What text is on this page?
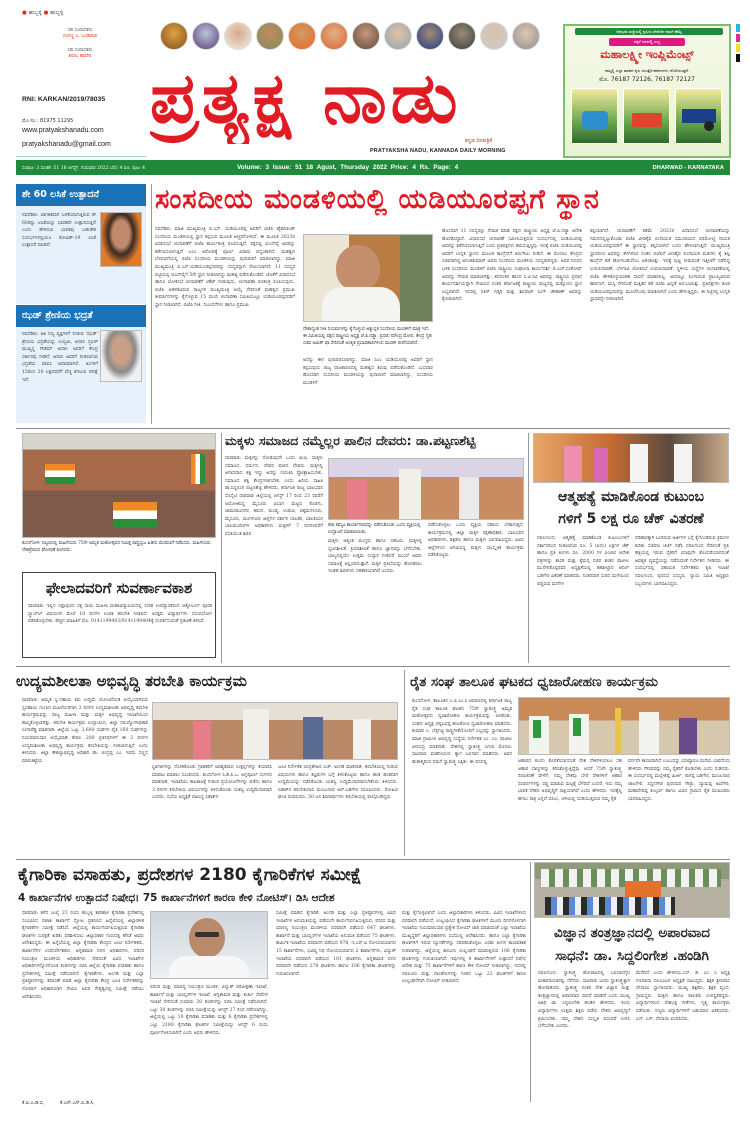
● ಹುಬ್ಬಳ್ಳಿ ● ಹುಬ್ಬಳ್ಳಿ
ಸಹ ಸಂಪಾದಕರು
ಗಂಗಣ್ಣ ಎ. ಬಂಡಿವಾಡ
ಸಹ ಸಂಪಾದಕರು
ಶರಣು ಹಾವೇರಿ
RNI: KARKAN/2019/78035
ಮೊ.ಸಂ.: 81975 11295
www.pratyakshanadu.com
pratyakshanadu@gmail.com
ಪ್ರತ್ಯಕ್ಷ ನಾಡು
ಕನ್ನಡ ದಿನಪತ್ರಿಕೆ
PRATYAKSHA NADU, KANNADA DAILY MORNING
ಅನುಭವ ಸಂಸ್ಥೆಯಲ್ಲಿ ಕೃಷಿಯ ಸೇವೆಯೇ ನಮಗೆ ಹೆಮ್ಮೆ
ಸಕ್ಕರೆ ದರದಲ್ಲಿ ಲಭ್ಯ
ಮಹಾಲಕ್ಷ್ಮೀ ಇಂಪ್ಲಿಮೆಂಟ್ಸ್
ನಮ್ಮಲ್ಲಿ ಎಲ್ಲಾ ತರಹದ ಕೃಷಿ ಯಂತ್ರೋಪಕರಣಗಳು ದೊರೆಯುತ್ತವೆ.
ಮೊ. 76187 72126, 76187 72127
ಸಂಪುಟ: 3 ಸಂಚಿಕೆ: 51 18 ಆಗಸ್ಟ್, ಗುರುವಾರ 2022 ಬೆಲೆ: 4 ರೂ. ಪುಟ: 4	Volume: 3 Issue: 51 18 Agust, Thursday 2022 Price: 4 Rs. Page: 4	DHARWAD - KARNATAKA
ಶೇ 60 ಲಸಿಕೆ ಉತ್ಪಾದನೆ
ನವದೆಹಲಿ: ಜಾಗತಿಕವಾಗಿ ಬಳಕೆಯಾಗುತ್ತಿರುವ ಶೇ 60ರಷ್ಟು ಲಸಿಕೆಯನ್ನು ಭಾರತವೇ ಉತ್ಪಾದಿಸುತ್ತಿದೆ ಎಂದು ಹೇಳಿರುವ ಭಾರತವು ಬಹುತೇಕ ಸಂದರ್ಭಗಳಲ್ಲಿಯೂ ಕೋವಿಡ್-19 ಲಸಿಕೆ ಉತ್ಪಾದನೆ ಮಾಡಿದೆ.
ಝಡ್ ಶ್ರೇಣಿಯ ಭದ್ರತೆ
ನವದೆಹಲಿ: ಅತಿ ಗಣ್ಯ ವ್ಯಕ್ತಿಗಳಿಗೆ ನೀಡುವ 'ಝಡ್' ಶ್ರೇಣಿಯ ಭದ್ರತೆಯನ್ನು ಉದ್ಯಮಿ, ಅದಾನಿ ಗ್ರೂಪ್ ಮುಖ್ಯಸ್ಥ ಗೌತಮ್ ಅದಾನಿ ಅವರಿಗೆ ಕೇಂದ್ರ ಸರ್ಕಾರವು ನೀಡಿದೆ. ಅದಾನಿ ಅವರಿಗೆ ನೀಡಲಾಗುವ ಭದ್ರತೆಯ ವಾಪಸಿ ಆಧಾರವಾಗಿದೆ. ತಿಂಗಳಿಗೆ 15ರಿಂದ 20 ಲಕ್ಷದವರೆಗೆ ವೆಚ್ಚ ತಗಲುವ ನಿರೀಕ್ಷೆ ಇದೆ.
ಸಂಸದೀಯ ಮಂಡಳಿಯಲ್ಲಿ ಯಡಿಯೂರಪ್ಪಗೆ ಸ್ಥಾನ
ನವದೆಹಲಿ: ಮಾಜಿ ಮುಖ್ಯಮಂತ್ರಿ ಬಿ.ಎಸ್. ಯಡಿಯೂರಪ್ಪ ಅವರಿಗೆ ಬಿಜೆಪಿ ಹೈಕಮಾಂಡ್ ಸಂಸದೀಯ ಮಂಡಳಿಯಲ್ಲಿ ಸ್ಥಾನ ಕಲ್ಪಿಸುವ ಮೂಲಕ ಅಚ್ಚರಿಗೊಳಿಸಿದೆ. ಈ ಮೂಲಕ 2023ರ ವಿಧಾನಸಭೆ ಚುನಾವಣೆಗೆ ಬಿಜೆಪಿ ಕಾರ್ಯತಂತ್ರ ರೂಪಿಸುತ್ತಿದೆ. ಪಕ್ಷದಲ್ಲಿ ಬಿಎಸ್‌ವೈ ಅವರನ್ನು ಕಡೆಗಣಿಸಲಾಗುತ್ತಿದೆ ಎಂಬ ಆರೋಪಕ್ಕೆ ಪೂರ್ಣ ವಿರಾಮ ಬಿದ್ದಂತಾಗಿದೆ. ಮಹತ್ವದ ಬೆಳವಣಿಗೆಯಲ್ಲಿ ಬಿಜೆಪಿ ಸಂಸದೀಯ ಮಂಡಳಿಯನ್ನು ಪುನಾರಚನೆ ಮಾಡಲಾಗಿದ್ದು, ಮಾಜಿ ಮುಖ್ಯಮಂತ್ರಿ ಬಿ.ಎಸ್.ಯಡಿಯೂರಪ್ಪನವರನ್ನು ಸದಸ್ಯರನ್ನಾಗಿ ನೇಮಿಸಲಾಗಿದೆ. 11 ಸದಸ್ಯರ ಪಟ್ಟಿಯಲ್ಲಿ ಬಿಎಸ್‌ವೈಗೆ 5ನೇ ಸ್ಥಾನ ನೀಡಲಾಗಿದ್ದು ಮಹತ್ವ ಪಡೆದುಕೊಂಡಿದೆ. ಜೊತೆಗೆ ವಿಧಾನಸಭೆ ಹಾಗೂ ಲೋಕಸಭೆ ಚುನಾವಣೆಗೆ ಟಿಕೆಟ್ ನೀಡುವುದು, ಚುನಾವಣಾ ರಣತಂತ್ರ ರೂಪಿಸುವುದು, ಬಿಜೆಪಿ ಆಡಳಿತವಿರುವ ರಾಜ್ಯಗಳ ಮುಖ್ಯಮಂತ್ರಿ ಆಯ್ಕೆ ಸೇರಿದಂತೆ ಮಹತ್ವದ ಪ್ರಮುಖ ತೀರ್ಮಾನಗಳನ್ನು ಕೈಗೊಳ್ಳುವ 15 ಮಂದಿ ಚುನಾವಣಾ ಸಮಿತಿಯಲ್ಲೂ ಯಡಿಯೂರಪ್ಪನವರಿಗೆ ಸ್ಥಾನ ನೀಡಲಾಗಿದೆ. ಬಿಜೆಪಿ ನೀತಿ, ನಿಬಂಧನೆಗಳು ಹಾಗೂ ಪ್ರಮುಖ
ದೇಶಾದ್ಯಂತ ನೀತಿ ನಿಯಮಗಳನ್ನು ಕೈಗೊಳ್ಳುವ ಅತ್ಯುನ್ನತ ಸಂಸದೀಯ ಮಂಡಳಿಗೆ ಮಾತ್ರ ಇದೆ. ಈ ಸಮಿತಿಯಲ್ಲಿ ಪಕ್ಷದ ರಾಷ್ಟ್ರೀಯ ಅಧ್ಯಕ್ಷ ಜೆ.ಪಿ.ನಡ್ಡಾ, ಪ್ರಧಾನಿ ನರೇಂದ್ರ ಮೋದಿ, ಕೇಂದ್ರ ಗೃಹ ಸಚಿವ ಅಮಿತ್ ಷಾ ಸೇರಿದಂತೆ ಅಂತ್ಯತ ಪ್ರಭಾವಶಾಲಿಗಳಿಂದ ಮಂಡಳಿ ರಚನೆಯಾಗಿದೆ.
ಅದನ್ನು ಈಗ ಪುನಾರಚಿಸಲಾಗಿದ್ದು, ಮಾಜಿ ಸಿಎಂ ಯಡಿಯೂರಪ್ಪ ಅವರಿಗೆ ಸ್ಥಾನ ಕಲ್ಪಿಸುವುದು ರಾಜ್ಯ ರಾಜಕಾರಣದಲ್ಲಿ ಮಹತ್ವದ ತಿರುವು ಪಡೆದುಕೊಂಡಿದೆ. ಬುಧವಾರ ಹೊಸದಾಗಿ ಸಂಸದೀಯ ಮಂಡಳಿಯನ್ನು ಪುನಾರಚನೆ ಮಾಡಲಾಗಿದ್ದು, ಸಂಸದೀಯ ಮಂಡಳಿಗೆ
ಹೊಸದಾಗಿ 11 ಸದಸ್ಯರನ್ನು ನೇಮಕ ಮಾಡಿ ಪಕ್ಷದ ರಾಷ್ಟ್ರೀಯ ಅಧ್ಯಕ್ಷ ಜೆ.ಪಿ.ನಡ್ಡಾ ಆದೇಶ ಹೊರಡಿಸಿದ್ದಾರೆ. ವಿಧಾನಸಭೆ ಚುನಾವಣೆ ಸಮೀಪಿಸುತ್ತಿರುವ ಸಂದರ್ಭದಲ್ಲಿ ಯಡಿಯೂರಪ್ಪ ಅವರನ್ನು ಕಡೆಗಣಿಸಲಾಗುತ್ತಿದೆ ಎಂದು ಪ್ರತಿಪಕ್ಷಗಳು ಹರುಸುತ್ತಿದ್ದವು. ಇದಕ್ಕೆ ಬಿಜೆಪಿ ಯಡಿಯೂರಪ್ಪ ಅವರಿಗೆ ಉನ್ನತ ಸ್ಥಾನದ ಮೂಲಕ ಕಾಂಗ್ರೆಸ್‌ಗೆ ತಿರುಗೇಟು ನೀಡಿದೆ. ಈ ಮೊದಲು ಕೇಂದ್ರದ ಸಚಿವರಾಗಿದ್ದ ಅನಂತಕುಮಾರ್ ಅವರು ಸಂಸದೀಯ ಮಂಡಳಿಯ ಸದಸ್ಯರಾಗಿದ್ದರು. ಅವರ ನಿಧನದ ಬಳಿಕ ಸಂಸದೀಯ ಮಂಡಳಿಗೆ ಬಿಜೆಪಿ ರಾಷ್ಟ್ರೀಯ ಸಂಘಟನಾ ಕಾರ್ಯದರ್ಶಿ ಬಿ.ಎಲ್.ಸಂತೋಷ್ ಅವರನ್ನು ನೇಮಕ ಮಾಡಲಾಗಿತ್ತು. ತದನಂತರ ಹಾಸನ ಸಿ.ಟಿ.ರವಿ ಅವರನ್ನು ರಾಷ್ಟ್ರೀಯ ಪ್ರಧಾನ ಕಾರ್ಯದರ್ಶಿಯನ್ನಾಗಿ ನೇಮಿಸಿದ ನಂತರ ಕರ್ನಾಟಕಕ್ಕೆ ರಾಷ್ಟ್ರೀಯ ಮಟ್ಟದಲ್ಲಿ ಮತ್ತೊಂದು ಸ್ಥಾನ ಲಭ್ಯವಾಗಿದೆ. ಇದರಲ್ಲಿ ನಿತಿನ್ ಗಡ್ಕರಿ ಮತ್ತು ಶಿವರಾಜ್ ಸಿಂಗ್ ಚೌಹಾಣ್ ಅವರನ್ನು ಕೈಬಿಡಲಾಗಿದೆ.
ಕಲ್ಪಿಸಲಾಗಿದೆ. ಚುನಾವಣೆಗೆ ಕಡಿಮೆ 2023ರ ವಿಧಾನಸಭೆ ಚುನಾವಣೆಯನ್ನು ಗಮನದಲ್ಲಿಟ್ಟುಕೊಂಡು ಬಿಜೆಪಿ ವೀರಶೈವ ಲಿಂಗಾಯತ ಸಮುದಾಯದ ಪರಮೋಚ್ಚ ನಾಯಕ ಯಡಿಯೂರಪ್ಪನವರಿಗೆ ಈ ಸ್ಥಾನವನ್ನು ಕಲ್ಪಿಸಲಾಗಿದೆ ಎಂದು ಹೇಳಲಾಗುತ್ತಿದೆ. ಮುಖ್ಯಮಂತ್ರಿ ಸ್ಥಾನದಿಂದ ಅವರನ್ನು ಕೆಳಗಿಳಿಸಿದ ನಂತರ ಬಿಜೆಪಿಗೆ ವೀರಶೈವ ಲಿಂಗಾಯತ ಮತಗಳು ಕೈ ತಪ್ಪಿ ಕಾಂಗ್ರೆಸ್ ಕಡೆ ಹೋಗಬಹುದೆಂಬ ಆತಂಕವಿತ್ತು. ಇದಕ್ಕೆ ಪುಷ್ಟಿ ನೀಡುವಂತೆ ಇತ್ತೀಚೆಗೆ ನಡೆದಿದ್ದ ಉಪಚುನಾವಣೆ, ಬೆಳಗಾವಿ ಲೋಕಸಭೆ ಉಪಚುನಾವಣೆ, ಸ್ಥಳೀಯ ಸಂಸ್ಥೆಗಳ ಚುನಾವಣೆಯಲ್ಲಿ ಬಿಜೆಪಿ ಹೇಳಿಕೊಳ್ಳುವಂತಹ ಸಾಧನೆ ಮಾಡಿರಲಿಲ್ಲ. ಅದರಲ್ಲೂ ಲಿಂಗಾಯತ ಪ್ರಾಬಲ್ಯವಿರುವ ಹಾನಗಲ್, ಮಸ್ಕಿ ಸೇರಿದಂತೆ ಮತ್ತಿತರ ಕಡೆ ಬಿಜೆಪಿ ಹಿನ್ನಡೆ ಅನುಭವಿಸಿತ್ತು. ಪ್ರತಿಪಕ್ಷಗಳು ಕೂಡ ಯಡಿಯೂರಪ್ಪನವರನ್ನು ಮೂಲೆಗುಂಪು ಮಾಡಲಾಗಿದೆ ಎಂದು ಹೇಳುತ್ತಿದ್ದರು. ಈ ನಿಟ್ಟಿನಲ್ಲಿ ಉನ್ನತ ಸ್ಥಾನವನ್ನೇ ನೀಡಲಾಗಿದೆ.
ಕುಂದಗೋಳ: ಪಟ್ಟಣದಲ್ಲಿ ಮಹಿಳೆಯರು 75ನೇ ಅಮೃತ ಮಹೋತ್ಸವದ ನಿಮಿತ್ತ ರಾಷ್ಟ್ರಧ್ವಜ ಹಿಡಿದು ಮೆರವಣಿಗೆ ನಡೆಸಿದರು. ಮಹಿಳೆಯರು ದೇಶಪ್ರೇಮದ ಘೋಷಣೆ ಕೂಗಿದರು.
ಮಕ್ಕಳು ಸಮಾಜದ ನಮ್ಮೆಲ್ಲರ ಪಾಲಿನ ದೇವರು: ಡಾ.ಪಟ್ಟಣಶೆಟ್ಟಿ
ಧಾರವಾಡ: ಮಕ್ಕಳನ್ನು ನೋಡುವುದೇ ಒಂದು ಖುಷಿ. ಮಕ್ಕಳು ಸಮಾಜದ, ಧರ್ಮದ, ದೇವರ ಪಾಲಿನ ದೇವರು. ಮಕ್ಕಳಲ್ಲಿ ಅಗಾಧವಾದ ಶಕ್ತಿ ಇದ್ದು ಅದನ್ನು ಗುರುತಿಸಿ ಪ್ರೋತ್ಸಾಹಿಸಬೇಕು. ಸಮಾಜದ ಶಕ್ತಿ ಕೇಂದ್ರಗಳಾಗಬೇಕು ಎಂದು ಹಿರಿಯ ಸಾಹಿತಿ ಡಾ.ಸಿದ್ದಲಿಂಗ ಪಟ್ಟಣಶೆಟ್ಟಿ ಹೇಳಿದರು. ಕರ್ನಾಟಕ ರಾಜ್ಯ ಬಾಲಭವನ ಸೊಸೈಟಿ ಧಾರವಾಡ ಜಿಲ್ಲೆಯಲ್ಲಿ ಆಗಸ್ಟ್ 17 ರಿಂದ 23 ರವರೆಗೆ ಆಯೋಜಿಸಿದ್ದ ಮೈಸೂರು ವಿಭಾಗ ಮಟ್ಟದ ಕೊಡಗು, ಚಾಮರಾಜನಗರ, ಹಾಸನ, ಮಂಡ್ಯ, ಉಡುಪಿ, ಚಿಕ್ಕಮಗಳೂರು, ಮೈಸೂರು, ಮಂಗಳೂರು ಜಿಲ್ಲೆಗಳ ಸರ್ಕಾರಿ ಬಾಲಕರ, ಬಾಲಕಿಯರ ಬಾಲಮಂದಿರಗಳ ಅಧಿಕಾರಿಗಳು ಮಕ್ಕಳಿಗೆ 7 ದಿನಗಳವರೆಗೆ ವಸತಿಯುತ ಶಿಬಿರ
ಕಥಾ ಕಮ್ಮಟ ಕಾರ್ಯಾಗಾರವನ್ನು ಪಡೆದುಕೊಂಡು ಒಂದು ವ್ಯಕ್ತಿಯಲ್ಲಿ ಉದ್ಘಾಟನೆ ಮಾಡಲಾಯಿತು.
ಮಕ್ಕಳು ಅತ್ಯಂತ ಮುಗ್ಧರು ಹಾಗೂ ಸಹಜರು. ಮಕ್ಕಳಲ್ಲಿ ಸೃಜನಶೀಲತೆ, ಕ್ರಿಯಾಶೀಲತೆ ಹಾಗೂ ಜ್ಞಾನವನ್ನು ಬೆಳೆಸಬೇಕು. ಬಾಲ್ಯದಲ್ಲಿಯೇ ಉತ್ತಮ ಸಂಸ್ಕಾರ ನೀಡಿದರೆ ಮುಂದೆ ಅವರು ಸಮಾಜಕ್ಕೆ ಆಸ್ತಿಯಾಗುತ್ತಾರೆ. ಮಕ್ಕಳ ಪ್ರತಿಭೆಯನ್ನು ಹೊರತರಲು ಇಂತಹ ಶಿಬಿರಗಳು ಸಹಕಾರಿಯಾಗಿವೆ ಎಂದರು.
ಪಡೆದುಕೊಳ್ಳಲು ಒಂದು ವ್ಯಕ್ತಿಯ ಸಹಾಯ ಬೇಕಾಗುತ್ತದೆ. ಕಾರ್ಯಕ್ರಮದಲ್ಲಿ ಜಿಲ್ಲಾ ಮಕ್ಕಳ ರಕ್ಷಣಾಧಿಕಾರಿ, ಬಾಲಭವನ ಅಧಿಕಾರಿಗಳು, ಶಿಕ್ಷಕರು ಹಾಗೂ ಮಕ್ಕಳು ಭಾಗವಹಿಸಿದ್ದರು. ವಿವಿಧ ಜಿಲ್ಲೆಗಳಿಂದ ಆಗಮಿಸಿದ್ದ ಮಕ್ಕಳು ಸಾಂಸ್ಕೃತಿಕ ಕಾರ್ಯಕ್ರಮ ನಡೆಸಿಕೊಟ್ಟರು.
ಆತ್ಮಹತ್ಯೆ ಮಾಡಿಕೊಂಡ ಕುಟುಂಬ
ಗಳಿಗೆ 5 ಲಕ್ಷ ರೂ ಚೆಕ್ ವಿತರಣೆ
ನವಲಗುಂದ: ಆತ್ಮಹತ್ಯೆ ಮಾಡಿಕೊಂಡ ಕುಟುಂಬಗಳಿಗೆ ಸರ್ಕಾರದಿಂದ ನೀಡಲಾಗುವ ರೂ. 5 (ಐದು) ಲಕ್ಷಗಳ ಚೆಕ್ ಹಾಗೂ ಪ್ರತಿ ತಿಂಗಳು ರೂ. 2000 ಗಳ ಪಿಂಚಣಿ ಆದೇಶ ಪತ್ರಗಳನ್ನು ಶಾಸಕ ಮತ್ತು ಕೈಮಗ್ಗ ಸಚಿವ ಶಂಕರ ಪಾಟೀಲ ಮುನೇನಕೊಪ್ಪರವರ ಅಧ್ಯಕ್ಷತೆಯಲ್ಲಿ ತಹಶೀಲ್ದಾರ ಅನಿಲ್ ಬಡಿಗೇರ ವಿತರಣೆ ಮಾಡಿದರು. ನಿಂತರವಾಗಿ ಸುರಿದ ಮಳೆಯಿಂದ ಬಿದ್ದಿರುವ ಮನೆಗಳ
ಪರಿಹಾರಕ್ಕಾಗಿ ಬಂದಿರುವ ಅರ್ಜಿಗಳ ಬಗ್ಗೆ ಕೈಗೊಂಡಿರುವ ಕ್ರಮಗಳ ಕುರಿತು ಸಚಿವರು ಚರ್ಚೆ ನಡೆಸಿ ನವಲಗುಂದ ಸೇರಿದಂತೆ ಪ್ರತಿ ಹಳ್ಳಿಯಲ್ಲಿ ಇರುವ ರೈತರಿಗೆ ಯಾವುದೇ ತೊಂದರೆಯಾಗದಂತೆ ಅವಶ್ಯಕ ವ್ಯವಸ್ಥೆಯನ್ನು ನಡೆಸುವಂತೆ ನಿರ್ದೇಶನ ನೀಡಿದರು. ಈ ಸಂದರ್ಭದಲ್ಲಿ ಸಹಾಯಕ ನಿರ್ದೇಶಕರು ಕೃಷಿ ಇಲಾಖೆ ನವಲಗುಂದ, ಪುರಸಭೆ ಸದಸ್ಯರು, ನ್ಯಾಯ ಸಮಿತಿ ಅಧ್ಯಕ್ಷರು ಸಿಬ್ಬಂದಿಗಳು ಭಾಗವಹಿಸಿದ್ದರು.
ಫೇಲಾದವರಿಗೆ ಸುವರ್ಣಾವಕಾಶ
ಧಾರವಾಡ: ಇಲ್ಲಿನ ಸಪ್ತಾಪುರದ ಸಕ್ಕ ಸಾಯಿ ಮಹಿಳಾ ಮಹಾವಿದ್ಯಾಲಯದಲ್ಲಿ ನುರಿತ ಉಪನ್ಯಾಸಕರಿಂದ ಆಕ್ಟೋಬರ್ನ ಪೂರಕ ಸ್ಟ್ಯಾಬ್‌ಲ್ ವಿಷಯಗಳ ಮೇಲೆ 10 ದಿನಗಳ ಉಚಿತ ತರಬೇತಿ ನೀಡಲಿದೆ. ಆಸಕ್ತರು ವಿದ್ಯಾರ್ಥಿಗಳು ಸದುಪಯೋಗ ಪಡಿಸಿಕೊಳ್ಳಬೇಕು. ಹೆಚ್ಚಿನ ಮಾಹಿತಿಗೆ ಮೊ. 9141199403/9141199404ಕ್ಕೆ ಸಂಪರ್ಕಿಸುವಂತೆ ಪ್ರಕಟಣೆ ತಿಳಿಸಿದೆ.
ಉದ್ಯಮಶೀಲತಾ ಅಭಿವೃದ್ಧಿ ತರಬೇತಿ ಕಾರ್ಯಕ್ರಮ
ಧಾರವಾಡ: ಅಮೃತ ಸ್ವ-ಸಹಾಯ ಕಿರು ಉದ್ದಿಮೆ ಯೋಜನೆಯಡಿ ಆಯ್ಕೆಯಾಗಿರುವ ಸ್ವಸಹಾಯ ಗುಂಪಿನ ಮಹಿಳೆಯರಿಗಾಗಿ 3 ದಿನಗಳ ಉದ್ಯಮಶೀಲತಾ ಅಭಿವೃದ್ಧಿ ತರಬೇತಿ ಕಾರ್ಯಕ್ರಮವನ್ನು ರಾಜ್ಯ ಮಹಿಳಾ ಮತ್ತು ಮಕ್ಕಳ ಅಭಿವೃದ್ಧಿ ಇಲಾಖೆಯಿಂದ ಹಮ್ಮಿಕೊಳ್ಳಲಾಗಿತ್ತು. ತರಬೇತಿ ಕಾರ್ಯಕ್ರಮ ಉದ್ಘಾಟಿಸಿದ, ಜಿಲ್ಲಾ ನಿರುದ್ಯೋಗಾಧಿಕಾರಿ ಸಿಂಗಾರೆಡ್ಡಿ ಮಾತನಾಡಿ, ಜಿಲ್ಲೆಯ ಒಟ್ಟು 3,600 ಸಂಘಗಳ ಪೈಕಿ 160 ಸಂಘಗಳನ್ನು ನಿಯಮಾನುಸಾರ ಆಯ್ಕೆಮಾಡಿ ಕೇವಲ 200 ಪ್ರತಿನಿಧಿಗಳಿಗೆ ಈ 3 ದಿನಗಳ ಉದ್ಯಮಶೀಲತಾ ಅಭಿವೃದ್ಧಿ ಕಾರ್ಯಕ್ರಮ ತರಬೇತಿಯನ್ನು ನೀಡಲಾಗುತ್ತಿದೆ ಎಂದು ತಿಳಿಸಿದರು. ಜಿಲ್ಲಾ ಕೌಶಲ್ಯಾಭಿವೃದ್ಧಿ ಅಧಿಕಾರಿ ಡಾ. ಚಂದ್ರಪ್ಪ ಎಂ. ಇವರು ಸಣ್ಣದ ಮಾರುಕಟ್ಟೆಯ
ಸ್ಥಿತಿಗತಿಗಳನ್ನು ನೋಡಿಕೊಂಡು ಗ್ರಾಹಕರಿಗೆ ಅವಶ್ಯಕವಾದ ಉತ್ಪನ್ನಗಳನ್ನು ತಯಾರಿಸಿ ಮಾರಾಟ ಮಾಡಲು ಸೂಚಿಸಿದರು. ಕುಂದಗೋಳ ಸಿ.ಡಿ.ಪಿ.ಒ. ಅನ್ನಪೂರ್ಣ ಸಂಗಳದ ಮಾತನಾಡಿ, ಇಲಾಖೆಯು ಕಾಲಕಾಲಕ್ಕೆ ನೀಡುವ ಪ್ರಯೋಜನೆಗಳನ್ನು ಪಡೆದು ಹಾಗೂ 3 ದಿನಗಳ ತರಬೇತಿಯ ವಿಷಯಗಳನ್ನು ತಿಳಿದುಕೊಂಡು ಯಶಸ್ವಿ ಉದ್ದಿಮೆದಾರರಾಗಿ ಎಂದರು. ಸಭೆಯ ಅಧ್ಯಕ್ಷತೆ ವಹಿಸಿದ್ದ ಸಿಡಾಕ್‌ನ
ಜಂಟಿ ನಿರ್ದೇಶಕ ಚಂದ್ರಶೇಖರ ಎಚ್. ಅಂಗಡಿ ಮಾತನಾಡಿ, ತರಬೇತಿಯಲ್ಲಿ ನೀಡುವ ವಿಷಯಗಳು ಹಾಗೂ ತಜ್ಞರುಗಳ ಬಗ್ಗೆ ತಿಳಿಸಿಕೊಟ್ಟರು ಹಾಗೂ ಹಂತ ಹಂತವಾಗಿ ಉದ್ದಿಮೆಯನ್ನು ನಡೆಸಿಕೊಂಡು ಯಶಸ್ವಿ ಉದ್ದಿಮೆದಾರರಾಗಬೇಕೆಂದು ತಿಳಿಸಿದರು. ಸಿಡಾಕ್‌ನ ತರಬೇತುದಾರ ಮಂಜುನಾಥ ಅರ್.ಬಡಿಗೇರ ನಿರೂಪಿಸಿದರು. ರೋಹಿಣಿ ಘಂಟಿ ವಂದಿಸಿದರು. 50 ಜನ ಶಿಬಿರಾರ್ಥಿಗಳು ತರಬೇತಿಯಲ್ಲಿ ಪಾಲ್ಗೊಂಡಿದ್ದರು.
ರೈತ ಸಂಘ ತಾಲೂಕ ಘಟಕದ ಧ್ವಜಾರೋಹಣ ಕಾರ್ಯಕ್ರಮ
ಕುಂದಗೋಳ: ತಾಲೂಕಿನ ಎ.ಪಿ.ಎಂ.ಸಿ ಆವರಣದಲ್ಲಿ ಕರ್ನಾಟಕ ರಾಜ್ಯ ರೈತ ಸಂಘ ತಾಲೂಕ ಘಟಕದ 75ನೇ ಸ್ವಾತಂತ್ರ್ಯ ಅಮೃತ ಮಹೋತ್ಸವದ ಧ್ವಜಾರೋಹಣ ಕಾರ್ಯಕ್ರಮವನ್ನು ಆಚರಿಸಿತು. ಸಂಘದ ಅಧ್ಯಕ್ಷ ಚನ್ನಬಸಪ್ಪ ಹುಲಕೋಟಿ ಧ್ವಜಾರೋಹಣ ಮಾಡಿದರು. ಕುಮಾರಿ ಎ. ಬೆಳ್ಳಿಗಟ್ಟಿ ರಾಷ್ಟ್ರಗೀತೆಯೊಂದಿಗೆ ಎಲ್ಲರನ್ನು ಸ್ವಾಗತಿಸಿದರು. ಮಾಜಿ ಗ್ರಾಮೀಣ ಅಭಿವೃದ್ಧಿ ಸಂಸ್ಥೆಯ ನಿರ್ದೇಶಕ ಎಂ. ಎಂ. ಪಾಟೀಲ ವೀರಭದ್ರ ಮಾತನಾಡಿ, ದೇಶದಲ್ಲಿ ಸ್ವಾತಂತ್ರ್ಯ ಸಿಗುವ ಮೊದಲು ಸಾವಿರಾರು ಮಹನೀಯರು ತ್ಯಾಗ ಬಲಿದಾನ ಮಾಡಿದರು. ಅವರ ಹುತಾತ್ಮರಿಂದ ನಮಗೆ ಸ್ವಾತಂತ್ರ್ಯ ಸಿಕ್ಕಿತು. ಈ ದಿನದಲ್ಲಿ	ಆಹಾರದ ಕುಂದು ಕೊರತೆಯಾಗದಂತೆ ದೇಶ ದೇಶಗಳಿಂದಲೂ ಸಹ ಆಹಾರ ಧಾನ್ಯಗಳನ್ನು ತರಿಸಿಕೊಳ್ಳುತ್ತಿದ್ದೆವು. ಆದರೆ 75ನೇ ಸ್ವಾತಂತ್ರ್ಯ ದಿನಾಚರಣೆ ವೇಳೆಗೆ, ನಮ್ಮ ದೇಶವು ಬೇರೆ ದೇಶಗಳಿಗೆ ಆಹಾರ ಪದಾರ್ಥಗಳನ್ನು ರಫ್ತು ಮಾಡುವ ಮಟ್ಟಕ್ಕೆ ಬೆಳೆದಿದೆ ಎಂದರೆ, ಇದು ನಮ್ಮ ಭಾರತ ದೇಶದ ಅಭಿವೃದ್ಧಿಗೆ ಸಾಕ್ಷಿಯಾಗಿದೆ ಎಂದು ಹೇಳಿದರು. ಇದಕ್ಕೆಲ್ಲ ಹಗಲು ರಾತ್ರಿ ಎನ್ನದೆ ಬಿಸಿಲು, ಚಳಿಯಲ್ಲಿ ದುಡಿಯುತ್ತಿರುವ ನಮ್ಮ ರೈತ
ವರ್ಗವೇ ಕಾರಣವಾಗಿದೆ ಎಂಬುದನ್ನು ಯಾವ್ಯಾರೂ ಮರೆಯ ಬಾರದೆಂದು ಹೇಳಿದರು ಗೌರವವನ್ನು ನಮ್ಮ ರೈತರಿಗೆ ಕೊಡಬೇಕು ಎಂದು ನುಡಿದರು. ಈ ಸಂದರ್ಭದಲ್ಲಿ ಮಲ್ಲೇಶಪ್ಪ ಮಿರ್ಜಿ, ನಾಗಪ್ಪ ಬಡಿಗೇರ, ಮಂಜುನಾಥ ಜಾಲಗೇರಿ, ಸಿದ್ದನಗೌಡ ಪುರದವರ ಗೌಡ್ರು, ದ್ಯಾಮಪ್ಪ ಅಣಿಗೇರಿ, ಮಹಾದೇವಪ್ಪ ಕುಲ್ಕರ್ಣಿ ಹಾಗೂ ವಿವಿಧ ಗ್ರಾಮದ ರೈತ ಮುಖಂಡರು ಭಾಗವಹಿಸಿದ್ದರು.
ಕೈಗಾರಿಕಾ ವಸಾಹತು, ಪ್ರದೇಶಗಳ 2180 ಕೈಗಾರಿಕೆಗಳ ಸಮೀಕ್ಷೆ
4 ಕಾರ್ಖಾನೆಗಳ ಉತ್ಪಾದನೆ ನಿಷೇಧ। 75 ಕಾರ್ಖಾನೆಗಳಿಗೆ ಕಾರಣ ಕೇಳಿ ನೋಟಿಸ್। ಡಿಸಿ ಆದೇಶ
ಧಾರವಾಡ: ಕಳೆದ ಜುಲೈ 23 ರಂದು ಹುಬ್ಬಳ್ಳಿ ತಾರಿಹಾಳ ಕೈಗಾರಿಕಾ ಪ್ರದೇಶದಲ್ಲಿ ಸಂಭವಿಸಿದ ಪಟಾಕಿ ಕಾರ್ಖಾನೆ ಸ್ಫೋಟ ಪ್ರಕರಣದ ಹಿನ್ನೆಲೆಯಲ್ಲಿ ಜಿಲ್ಲಾಡಳಿತ ಕೈಗಾರಿಕೆಗಳ ಸಮೀಕ್ಷೆ ನಡೆಸಿದೆ. ಜಿಲ್ಲೆಯಲ್ಲಿ ಕಾರ್ಯನಿರ್ವಹಿಸುತ್ತಿರುವ ಕೈಗಾರಿಕಾ ಘಟಕಗಳ ಸುರಕ್ಷತೆ ಕುರಿತು ಪರಿಶೀಲಿಸಲು ಜಿಲ್ಲಾಧಿಕಾರಿ ಗುರುದತ್ತ ಹೆಗಡೆ ಅವರು ಆದೇಶಿಸಿದ್ದರು. ಈ ಹಿನ್ನೆಲೆಯಲ್ಲಿ ಜಿಲ್ಲಾ ಕೈಗಾರಿಕಾ ಕೇಂದ್ರದ ಜಂಟಿ ನಿರ್ದೇಶಕರು, ಕಾರ್ಖಾನೆಗಳ ಉಪನಿರ್ದೇಶಕರು, ಅಗ್ನಿಶಾಮಕ ದಳದ ಅಧಿಕಾರಿಗಳು, ಪರಿಸರ ನಿಯಂತ್ರಣ ಮಂಡಳಿಯ ಅಧಿಕಾರಿಗಳು ಸೇರಿದಂತೆ ವಿವಿಧ ಇಲಾಖೆಗಳ ಅಧಿಕಾರಿಗಳನ್ನೊಳಗೊಂಡ ತಂಡಗಳನ್ನು ರಚಿಸಿ ಜಿಲ್ಲೆಯ ಕೈಗಾರಿಕಾ ವಸಾಹತು ಹಾಗೂ ಪ್ರದೇಶಗಳಲ್ಲಿ ಸಮೀಕ್ಷೆ ನಡೆಸಲಾಗಿದೆ. ಕೈಗಾರಿಕೆಗಳು, ಅಂಗಡಿ ಮತ್ತು ಎಲ್ಲಾ ಪ್ರತಿಷ್ಠಾನಗಳನ್ನು ತಪಾಸಣೆ ಮಾಡಿ ಜಿಲ್ಲಾ ಕೈಗಾರಿಕಾ ಕೇಂದ್ರ ಜಂಟಿ ನಿರ್ದೇಶಕರನ್ನು ನೋಡಲ್ ಅಧಿಕಾರಿಯಾಗಿ ನೇಮಿಸಿ ಅವರ ನೇತೃತ್ವದಲ್ಲಿ ಸಮೀಕ್ಷೆ ನಡೆಸಲು ಆದೇಶಿಸಿದರು.
ಕೆ.ಐ.ಎ.ಡಿ.ಬಿ,	ಕೆ.ಎಸ್.ಎಸ್.ಐ.ಡಿ.ಸಿ,
ಪರಿಸರ ಮತ್ತು ಮಾಲಿನ್ಯ ನಿಯಂತ್ರಣ ಮಂಡಳಿ, ವಿದ್ಯುತ್ ಪರಿವೀಕ್ಷಣಾ ಇಲಾಖೆ, ಕಾರ್ಖಾನೆ ಮತ್ತು ಬಾಯ್ಲರ್‌ಗಳ ಇಲಾಖೆ, ಅಗ್ನಿಶಾಮಕ ಮತ್ತು ತುರ್ತು ಸೇವೆಗಳ ಇಲಾಖೆ ಸೇರಿದಂತೆ ಸುಮಾರು 30 ತಂಡಗಳನ್ನು ರಚಿಸಿ ಸಮೀಕ್ಷೆ ನಡೆಸಲಾಗಿದೆ. ಒಟ್ಟು 30 ತಂಡಗಳನ್ನು ರಚಿಸಿ ಸಮೀಕ್ಷೆಯನ್ನು ಆಗಸ್ಟ್ 27 ರಿಂದ ನಡೆಸಲಾಗಿದ್ದು, ಜಿಲ್ಲೆಯಲ್ಲಿ ಒಟ್ಟು 10 ಕೈಗಾರಿಕಾ ವಸಾಹತು ಮತ್ತು 6 ಕೈಗಾರಿಕಾ ಪ್ರದೇಶಗಳಲ್ಲಿ ಒಟ್ಟು 2180 ಕೈಗಾರಿಕಾ ಘಟಕಗಳ ಸಮೀಕ್ಷೆಯನ್ನು ಆಗಸ್ಟ್ 6 ರಂದು ಪೂರ್ಣಗೊಳಿಸಲಾಗಿದೆ ಎಂದು ಅವರು ಹೇಳಿದರು.
ಸಮೀಕ್ಷೆ ಮಾಡಿದ ಕೈಗಾರಿಕೆ, ಅಂಗಡಿ ಮತ್ತು ಎಲ್ಲಾ ಪ್ರತಿಷ್ಠಾನಗಳಲ್ಲಿ ವಿವಿಧ ಇಲಾಖೆಗಳ ಅನುಮತಿಯನ್ನು ಪಡೆಯದೇ ಕಾರ್ಯನಿರ್ವಹಿಸುತ್ತಿರುವ, ಪರಿಸರ ಮತ್ತು ಮಾಲಿನ್ಯ ನಿಯಂತ್ರಣ ಮಂಡಳಿಯ ಪರವಾನಗಿ ಪಡೆಯದ 647 ಘಟಕಗಳು, ಕಾರ್ಖಾನೆ ಮತ್ತು ಬಾಯ್ಲರ್‌ಗಳ ಇಲಾಖೆಯ ಅನುಮತಿ ಪಡೆಯದ 75 ಘಟಕಗಳು, ಕಾರ್ಮಿಕ ಇಲಾಖೆಯ ಪರವಾನಗಿ ಪಡೆಯದ 978, ಇ.ಎಸ್.ಐ ನೋಂದಣಿಯಾಗದ 15 ಕಾರ್ಖಾನೆಗಳು, ಭವಿಷ್ಯ ನಿಧಿ ನೋಂದಣಿಯಾಗದ 2 ಕಾರ್ಖಾನೆಗಳು, ವಿದ್ಯುತ್ ಇಲಾಖೆಯ ಪರವಾನಗಿ ಪಡೆಯದ 101 ಘಟಕಗಳು, ಅಗ್ನಿಶಾಮಕ ದಳದ ಪರವಾನಗಿ ಪಡೆಯದ 278 ಘಟಕಗಳು ಹಾಗೂ 106 ಕೈಗಾರಿಕಾ ಘಟಕಗಳನ್ನು ಗುರುತಿಸಲಾಗಿದೆ.
ಮತ್ತು ಕೈಗೊಳ್ಳಲಾಗಿದೆ ಎಂದು ಜಿಲ್ಲಾಧಿಕಾರಿಗಳು ತಿಳಿಸಿದರು. ವಿವಿಧ ಇಲಾಖೆಗಳಿಂದ ಪರವಾನಗಿ ಪಡೆಯದೆ, ಉಲ್ಲಂಘಿಸಿದ ಕೈಗಾರಿಕಾ ಘಟಕಗಳಿಗೆ ಮೂರು ದಿನಗಳೊಳಗಾಗಿ ಇಲಾಖೆಯ ನಿಯಮಾನುಸಾರ ಪ್ರತ್ಯೇಕ ನೋಟಿಸ್ ಜಾರಿ ಮಾಡುವಂತೆ ಎಲ್ಲಾ ಇಲಾಖೆಯ ಮುಖ್ಯಸ್ಥರಿಗೆ ಜಿಲ್ಲಾಧಿಕಾರಿಗಳು ಸಭೆಯಲ್ಲಿ ಆದೇಶಿಸಿದರು. ಹಾಗೂ ಎಲ್ಲಾ ಕೈಗಾರಿಕಾ ಘಟಕಗಳಿಗೆ ಇರುವ ನ್ಯೂನತೆಗಳನ್ನು ಸರಿಪಡಿಸಿಕೊಳ್ಳಲು ಎರಡು ತಿಂಗಳ ಕಾಲಾವಕಾಶ ನೀಡಲಾಗಿದ್ದು, ಜಿಲ್ಲೆಯಲ್ಲಿ ಕಾನೂನು ಉಲ್ಲಂಘನೆ ಮಾಡುತ್ತಿರುವ 106 ಕೈಗಾರಿಕಾ ಘಟಕಗಳನ್ನು ಗುರುತಿಸಲಾಗಿದೆ. ಇವುಗಳಲ್ಲಿ 4 ಕಾರ್ಖಾನೆಗಳಿಗೆ ಉತ್ಪಾದನೆ ನಿಷೇಧ ಆದೇಶ ಮತ್ತು 75 ಕಾರ್ಖಾನೆಗಳಿಗೆ ಕಾರಣ ಕೇಳಿ ನೋಟಿಸ್ ನೀಡಲಾಗಿದ್ದು, ಇದರಲ್ಲಿ ನವಲೂರು ಮತ್ತು ದಾಂಡೇಲಿಗಳನ್ನು ನೀಡದ ಒಟ್ಟು 22 ಘಟಕಗಳಿಗೆ ಕಾರಣ ಉಲ್ಲಂಘನೆಗಾಗಿ ನೋಟಿಸ್ ನೀಡಲಾಗಿದೆ.
ವಿಜ್ಞಾನ ತಂತ್ರಜ್ಞಾನದಲ್ಲಿ ಅಪಾರವಾದ
ಸಾಧನೆ: ಡಾ. ಸಿದ್ದಲಿಂಗೇಶ .ಹಂಡಿಗಿ
ನವಲಗುಂದ: ಸ್ವಾತಂತ್ರ್ಯ ಹೋರಾಟದಲ್ಲಿ ಬಲಿದಾನಗೈದ ಮಹಾನಾಯಕರನ್ನು ನೆನೆದರು. ಸಾವಿರಾರು ಜನರು ಸ್ವಾತಂತ್ರ್ಯಕ್ಕಾಗಿ ಹೋರಾಡಿದರು. ಸ್ವಾತಂತ್ರ್ಯ ನಂತರ ದೇಶ ವಿಜ್ಞಾನ ಮತ್ತು ತಂತ್ರಜ್ಞಾನದಲ್ಲಿ ಅಪಾರವಾದ ಸಾಧನೆ ಮಾಡಿದೆ ಎಂದು ಮುಖ್ಯ ಅತಿಥಿ ಡಾ. ಸಿದ್ದಲಿಂಗೇಶ ಹಂಡಿಗಿ ಹೇಳಿದರು. ಇಂದು ವಿದ್ಯಾರ್ಥಿಗಳು ಉತ್ತಮ ಶಿಕ್ಷಣ ಪಡೆದು ದೇಶದ ಅಭಿವೃದ್ಧಿಗೆ ಶ್ರಮಿಸಬೇಕು. ನಮ್ಮ ದೇಶದ ಸಂಸ್ಕೃತಿ ಪರಂಪರೆ ಉಳಿಸಿ ಬೆಳೆಸಬೇಕು ಎಂದರು.
ಮೆರೆದಿದೆ ಎಂದು ಹೇಳಿದರು.ಎಸ್. ಡಿ. ಎಂ. ಸಿ ಅಧ್ಯಕ್ಷ ಗಣಪತಿಸಾ ದಲಬಂಜನ ಅಧ್ಯಕ್ಷತೆ ವಹಿಸಿದ್ದರು. ಶಿಕ್ಷಕ ಶ್ರೀನಿವಾಸ ದೇಸಾಯಿ ಸ್ವಾಗತಿಸಿದರು. ಮುಖ್ಯ ಶಿಕ್ಷಕರು, ಶಿಕ್ಷಕ ವೃಂದ, ಗ್ರಾಮಸ್ಥರು, ಮಕ್ಕಳು ಹಾಗೂ ಪಾಲಕರು ಉಪಸ್ಥಿತರಿದ್ದರು. ವಿದ್ಯಾರ್ಥಿಗಳಿಂದ ದೇಶಭಕ್ತಿ ಗೀತೆಗಳು, ನೃತ್ಯ ಕಾರ್ಯಕ್ರಮ ನಡೆಯಿತು. ಗಣ್ಯರು ವಿದ್ಯಾರ್ಥಿಗಳಿಗೆ ಬಹುಮಾನ ವಿತರಿಸಿದರು. ಎಸ್. ಎನ್. ದೇಸಾಯಿ ವಂದಿಸಿದರು.
